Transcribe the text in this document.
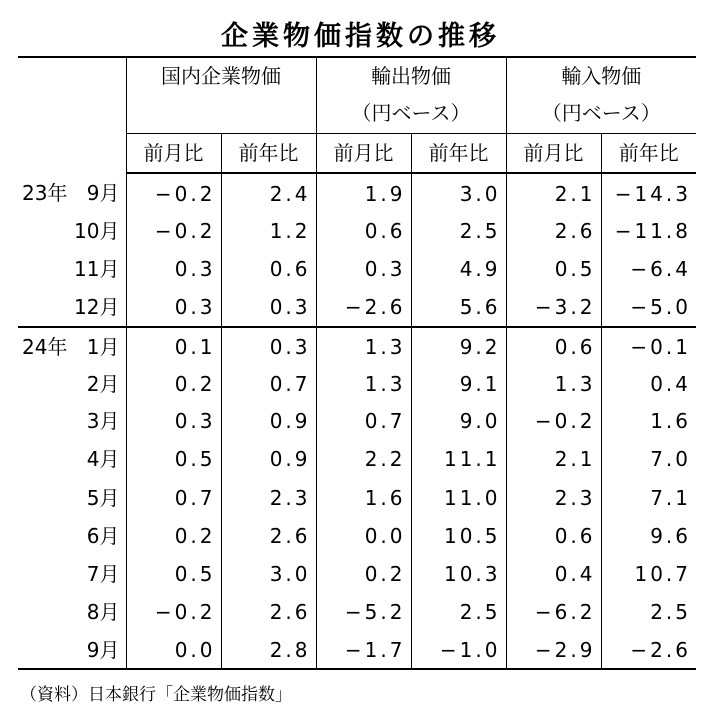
企業物価指数の推移
	国内企業物価		輸出物価		輸入物価	
			（円ベース）		（円ベース）	
	前月比	前年比	前月比	前年比	前月比	前年比

23年 9月	−0.2	2.4	1.9	3.0	2.1	−14.3

10月	−0.2	1.2	0.6	2.5	2.6	−11.8

11月	0.3	0.6	0.3	4.9	0.5	−6.4

12月	0.3	0.3	−2.6	5.6	−3.2	−5.0

24年 1月	0.1	0.3	1.3	9.2	0.6	−0.1

2月	0.2	0.7	1.3	9.1	1.3	0.4

3月	0.3	0.9	0.7	9.0	−0.2	1.6

4月	0.5	0.9	2.2	11.1	2.1	7.0

5月	0.7	2.3	1.6	11.0	2.3	7.1

6月	0.2	2.6	0.0	10.5	0.6	9.6

7月	0.5	3.0	0.2	10.3	0.4	10.7

8月	−0.2	2.6	−5.2	2.5	−6.2	2.5

9月	0.0	2.8	−1.7	−1.0	−2.9	−2.6
（資料）日本銀行「企業物価指数」
